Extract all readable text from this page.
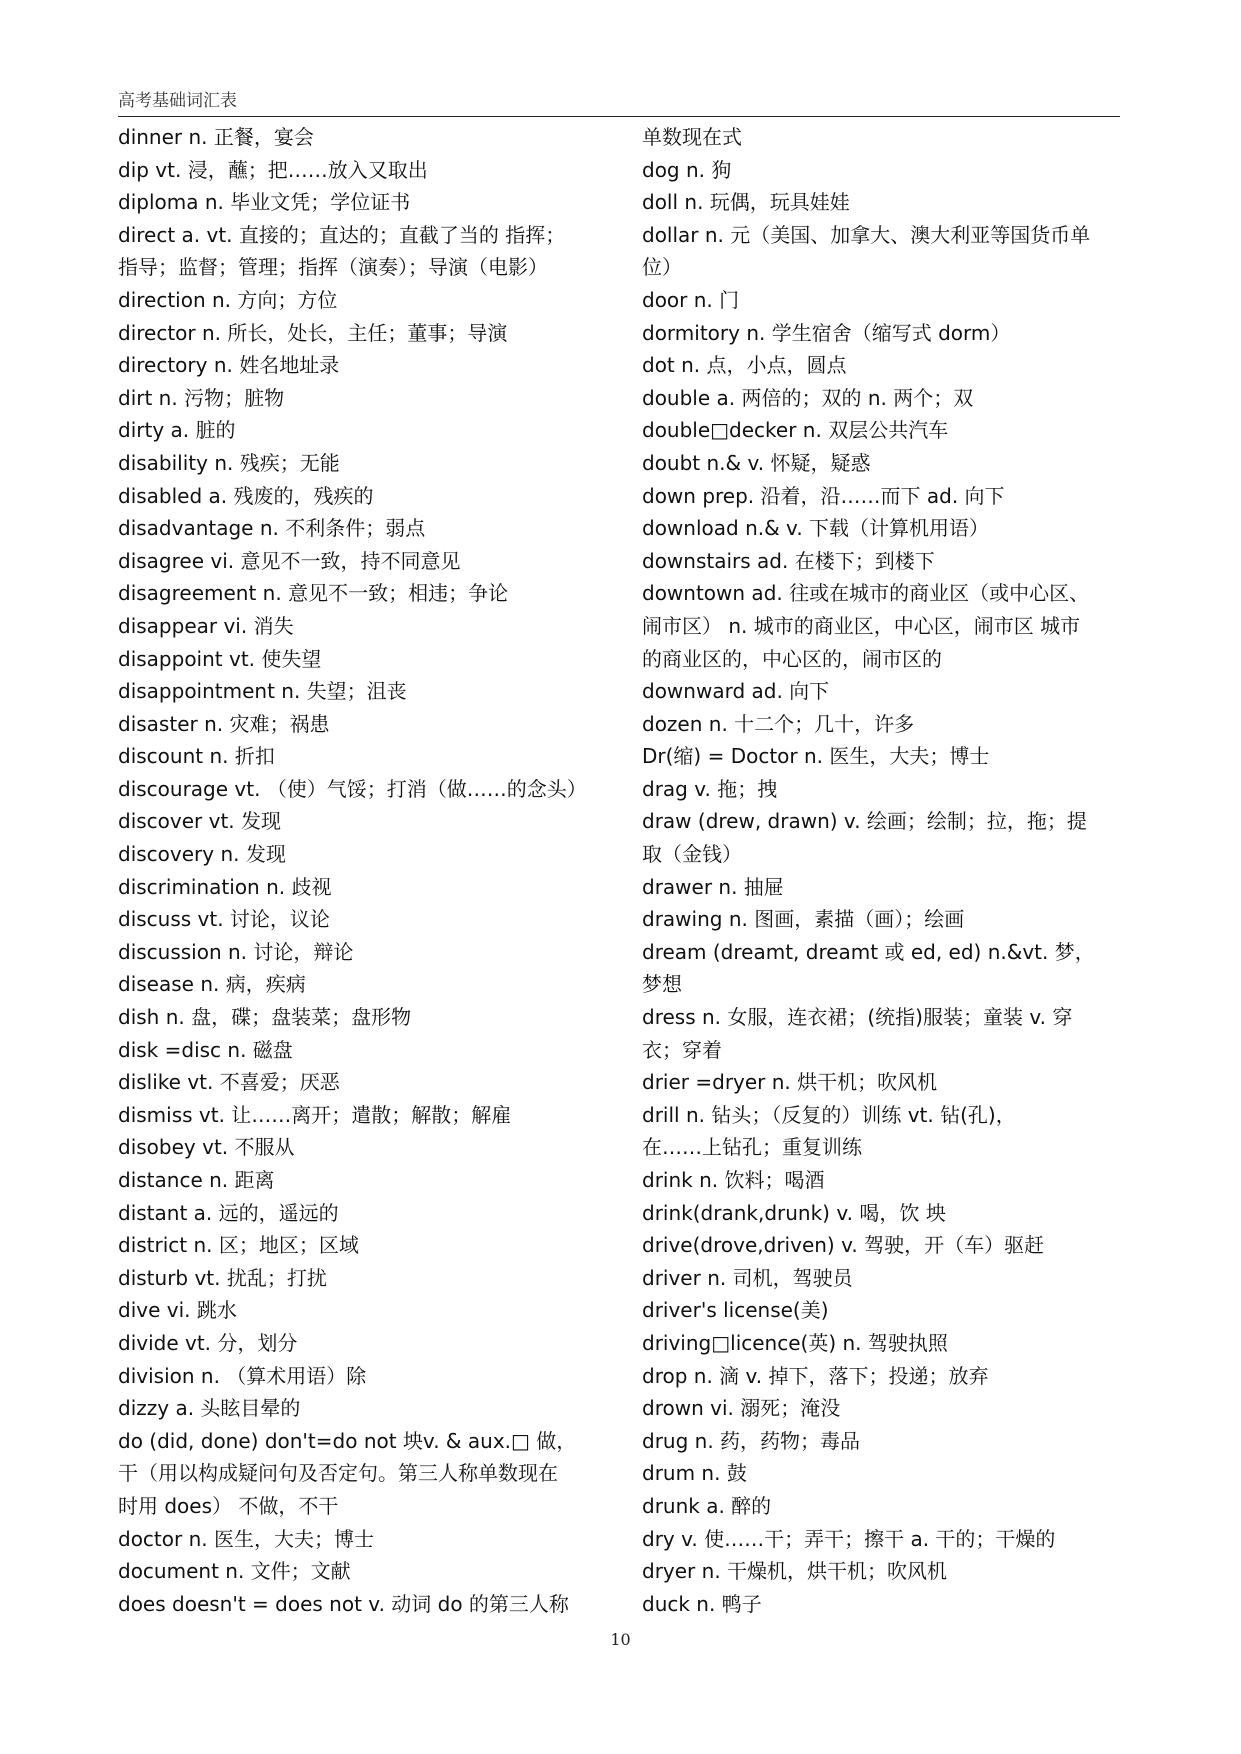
高考基础词汇表
dinner n. 正餐，宴会
dip vt. 浸，蘸；把……放入又取出
diploma n. 毕业文凭；学位证书
direct a. vt. 直接的；直达的；直截了当的 指挥；
指导；监督；管理；指挥（演奏）；导演（电影）
direction n. 方向；方位
director n. 所长，处长，主任；董事；导演
directory n. 姓名地址录
dirt n. 污物；脏物
dirty a. 脏的
disability n. 残疾；无能
disabled a. 残废的，残疾的
disadvantage n. 不利条件；弱点
disagree vi. 意见不一致，持不同意见
disagreement n. 意见不一致；相违；争论
disappear vi. 消失
disappoint vt. 使失望
disappointment n. 失望；沮丧
disaster n. 灾难；祸患
discount n. 折扣
discourage vt. （使）气馁；打消（做……的念头）
discover vt. 发现
discovery n. 发现
discrimination n. 歧视
discuss vt. 讨论，议论
discussion n. 讨论，辩论
disease n. 病，疾病
dish n. 盘，碟；盘装菜；盘形物
disk =disc n. 磁盘
dislike vt. 不喜爱；厌恶
dismiss vt. 让……离开；遣散；解散；解雇
disobey vt. 不服从
distance n. 距离
distant a. 远的，遥远的
district n. 区；地区；区域
disturb vt. 扰乱；打扰
dive vi. 跳水
divide vt. 分，划分
division n. （算术用语）除
dizzy a. 头眩目晕的
do (did, done) don't=do not 坱v. & aux.□ 做，
干（用以构成疑问句及否定句。第三人称单数现在
时用 does） 不做，不干
doctor n. 医生，大夫；博士
document n. 文件；文献
does doesn't = does not v. 动词 do 的第三人称
单数现在式
dog n. 狗
doll n. 玩偶，玩具娃娃
dollar n. 元（美国、加拿大、澳大利亚等国货币单
位）
door n. 门
dormitory n. 学生宿舍（缩写式 dorm）
dot n. 点，小点，圆点
double a. 两倍的；双的 n. 两个；双
double□decker n. 双层公共汽车
doubt n.& v. 怀疑，疑惑
down prep. 沿着，沿……而下 ad. 向下
download n.& v. 下载（计算机用语）
downstairs ad. 在楼下；到楼下
downtown ad. 往或在城市的商业区（或中心区、
闹市区） n. 城市的商业区，中心区，闹市区 城市
的商业区的，中心区的，闹市区的
downward ad. 向下
dozen n. 十二个；几十，许多
Dr(缩) = Doctor n. 医生，大夫；博士
drag v. 拖；拽
draw (drew, drawn) v. 绘画；绘制；拉，拖；提
取（金钱）
drawer n. 抽屉
drawing n. 图画，素描（画）；绘画
dream (dreamt, dreamt 或 ed, ed) n.&vt. 梦，
梦想
dress n. 女服，连衣裙；(统指)服装；童装 v. 穿
衣；穿着
drier =dryer n. 烘干机；吹风机
drill n. 钻头；（反复的）训练 vt. 钻(孔)，
在……上钻孔；重复训练
drink n. 饮料；喝酒
drink(drank,drunk) v. 喝，饮 坱
drive(drove,driven) v. 驾驶，开（车）驱赶
driver n. 司机，驾驶员
driver's license(美)
driving□licence(英) n. 驾驶执照
drop n. 滴 v. 掉下，落下；投递；放弃
drown vi. 溺死；淹没
drug n. 药，药物；毒品
drum n. 鼓
drunk a. 醉的
dry v. 使……干；弄干；擦干 a. 干的；干燥的
dryer n. 干燥机，烘干机；吹风机
duck n. 鸭子
10
